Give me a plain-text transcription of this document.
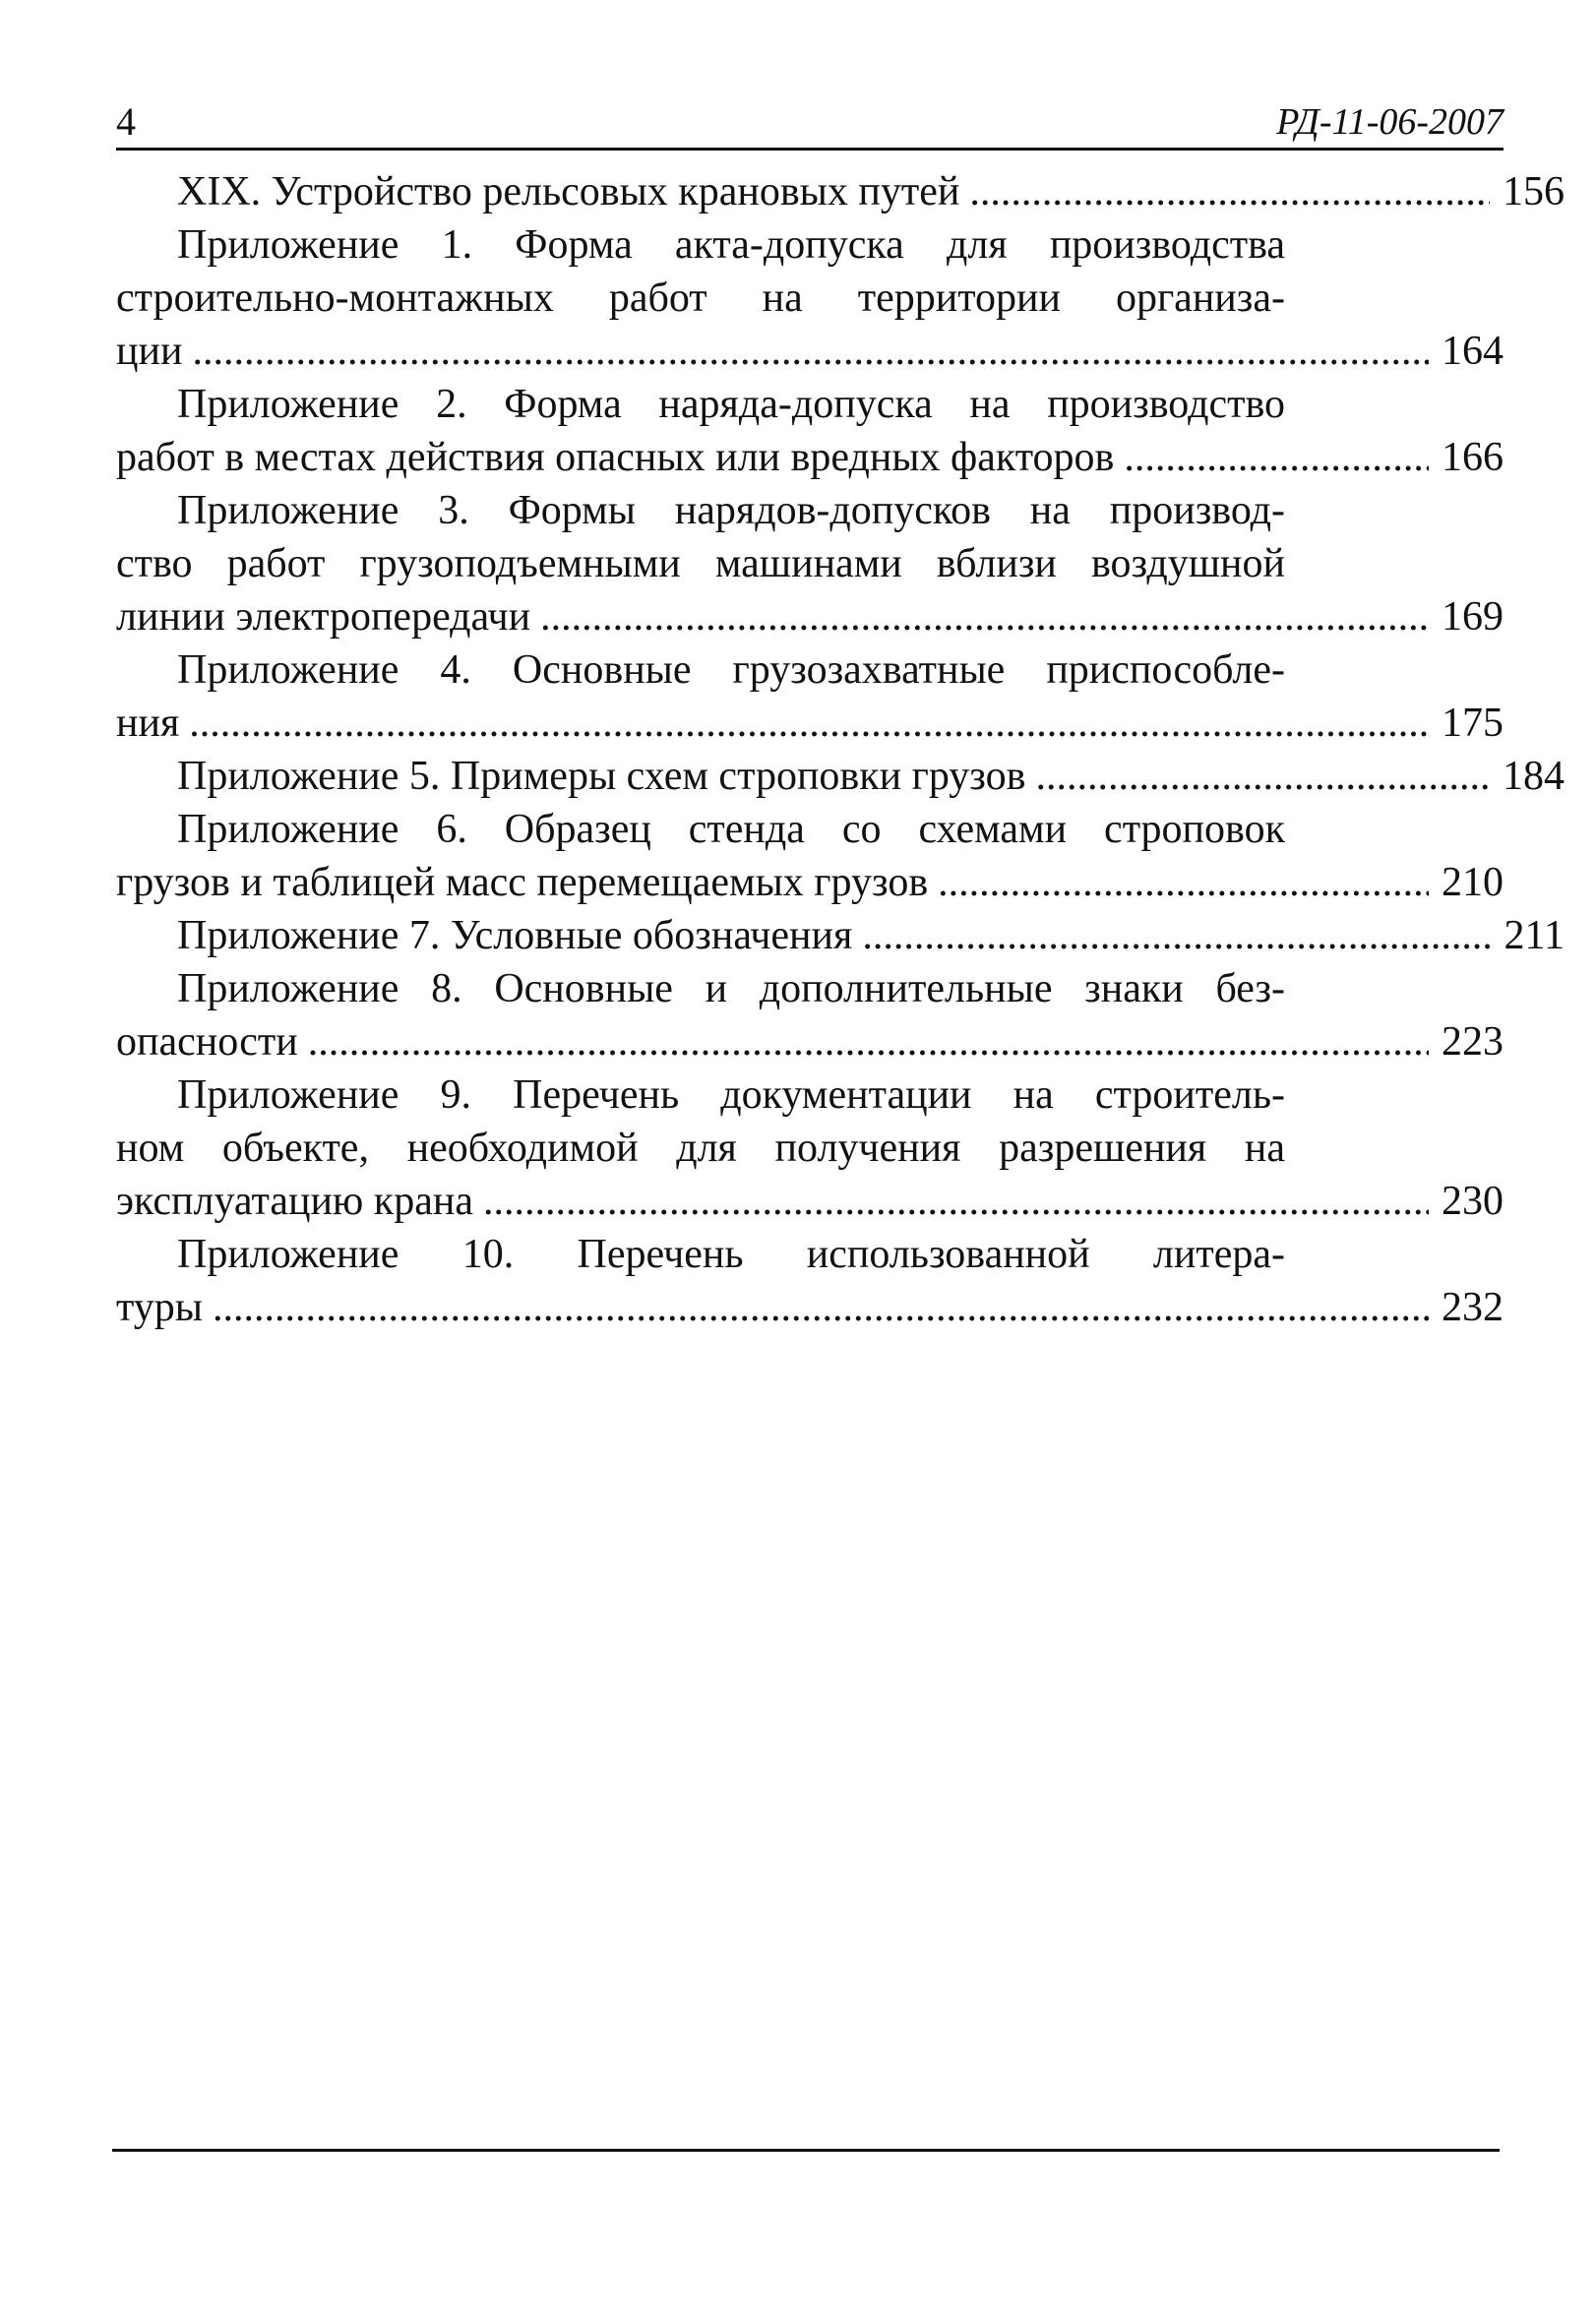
4	РД-11-06-2007
XIX. Устройство рельсовых крановых путей .....	156
Приложение 1. Форма акта-допуска для производства
строительно-монтажных работ на территории организа-
ции .....	164
Приложение 2. Форма наряда-допуска на производство
работ в местах действия опасных или вредных факторов .....	166
Приложение 3. Формы нарядов-допусков на производ-
ство работ грузоподъемными машинами вблизи воздушной
линии электропередачи .....	169
Приложение 4. Основные грузозахватные приспособле-
ния .....	175
Приложение 5. Примеры схем строповки грузов .....	184
Приложение 6. Образец стенда со схемами строповок
грузов и таблицей масс перемещаемых грузов .....	210
Приложение 7. Условные обозначения .....	211
Приложение 8. Основные и дополнительные знаки без-
опасности .....	223
Приложение 9. Перечень документации на строитель-
ном объекте, необходимой для получения разрешения на
эксплуатацию крана .....	230
Приложение 10. Перечень использованной литера-
туры .....	232
